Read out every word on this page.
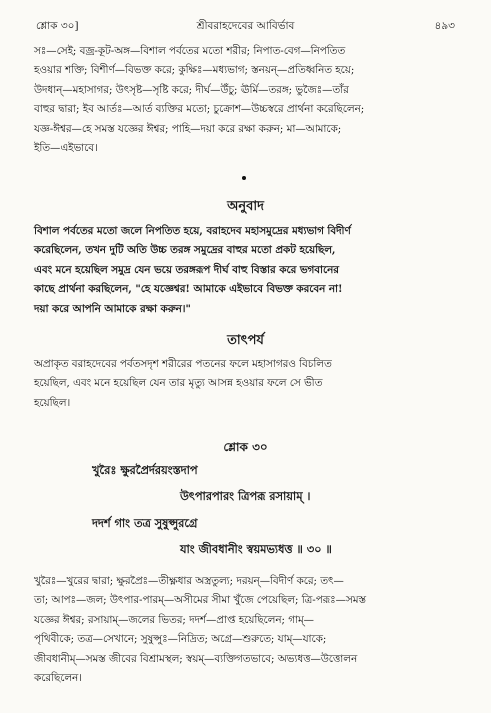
শ্লোক ৩০]	শ্রীবরাহদেবের আবির্ভাব	৪৯৩
সঃ—সেই; বজ্র-কূট-অঙ্গ—বিশাল পর্বতের মতো শরীর; নিপাত-বেগ—নিপতিত
হওয়ার শক্তি; বিশীর্ণ—বিভক্ত করে; কুক্ষিঃ—মধ্যভাগ; স্তনয়ন্—প্রতিধ্বনিত হয়ে;
উদধান্—মহাসাগর; উৎসৃষ্ট—সৃষ্টি করে; দীর্ঘ—উঁচু; ঊর্মি—তরঙ্গ; ভুজৈঃ—তাঁর
বাহুর দ্বারা; ইব আর্তঃ—আর্ত ব্যক্তির মতো; চুক্রোশ—উচ্চস্বরে প্রার্থনা করেছিলেন;
যজ্ঞ-ঈশ্বর—হে সমস্ত যজ্ঞের ঈশ্বর; পাহি—দয়া করে রক্ষা করুন; মা—আমাকে;
ইতি—এইভাবে।
অনুবাদ
বিশাল পর্বতের মতো জলে নিপতিত হয়ে, বরাহদেব মহাসমুদ্রের মধ্যভাগ বিদীর্ণ
করেছিলেন, তখন দুটি অতি উচ্চ তরঙ্গ সমুদ্রের বাহুর মতো প্রকট হয়েছিল,
এবং মনে হয়েছিল সমুদ্র যেন ভয়ে তরঙ্গরূপ দীর্ঘ বাহু বিস্তার করে ভগবানের
কাছে প্রার্থনা করছিলেন, "হে যজ্ঞেশ্বর! আমাকে এইভাবে বিভক্ত করবেন না!
দয়া করে আপনি আমাকে রক্ষা করুন।"
তাৎপর্য
অপ্রাকৃত বরাহদেবের পর্বতসদৃশ শরীরের পতনের ফলে মহাসাগরও বিচলিত
হয়েছিল, এবং মনে হয়েছিল যেন তার মৃত্যু আসন্ন হওয়ার ফলে সে ভীত
হয়েছিল।
শ্লোক ৩০
খুরৈঃ ক্ষুরপ্রৈর্দরয়ংস্তদাপ
উৎপারপারং ত্রিপরূ রসায়াম্ ।
দদর্শ গাং তত্র সুষুপ্সুরগ্রে
যাং জীবধানীং স্বয়মভ্যধত্ত ॥ ৩০ ॥
খুরৈঃ—খুরের দ্বারা; ক্ষুরপ্রৈঃ—তীক্ষ্ণধার অস্ত্রতুল্য; দরয়ন্—বিদীর্ণ করে; তৎ—
তা; আপঃ—জল; উৎপার-পারম্—অসীমের সীমা খুঁজে পেয়েছিল; ত্রি-পরূঃ—সমস্ত
যজ্ঞের ঈশ্বর; রসায়াম্—জলের ভিতর; দদর্শ—প্রাপ্ত হয়েছিলেন; গাম্—
পৃথিবীকে; তত্র—সেখানে; সুষুপ্সুঃ—নিদ্রিত; অগ্রে—শুরুতে; যাম্—যাকে;
জীবধানীম্—সমস্ত জীবের বিশ্রামস্থল; স্বয়ম্—ব্যক্তিগতভাবে; অভ্যধত্ত—উত্তোলন
করেছিলেন।
